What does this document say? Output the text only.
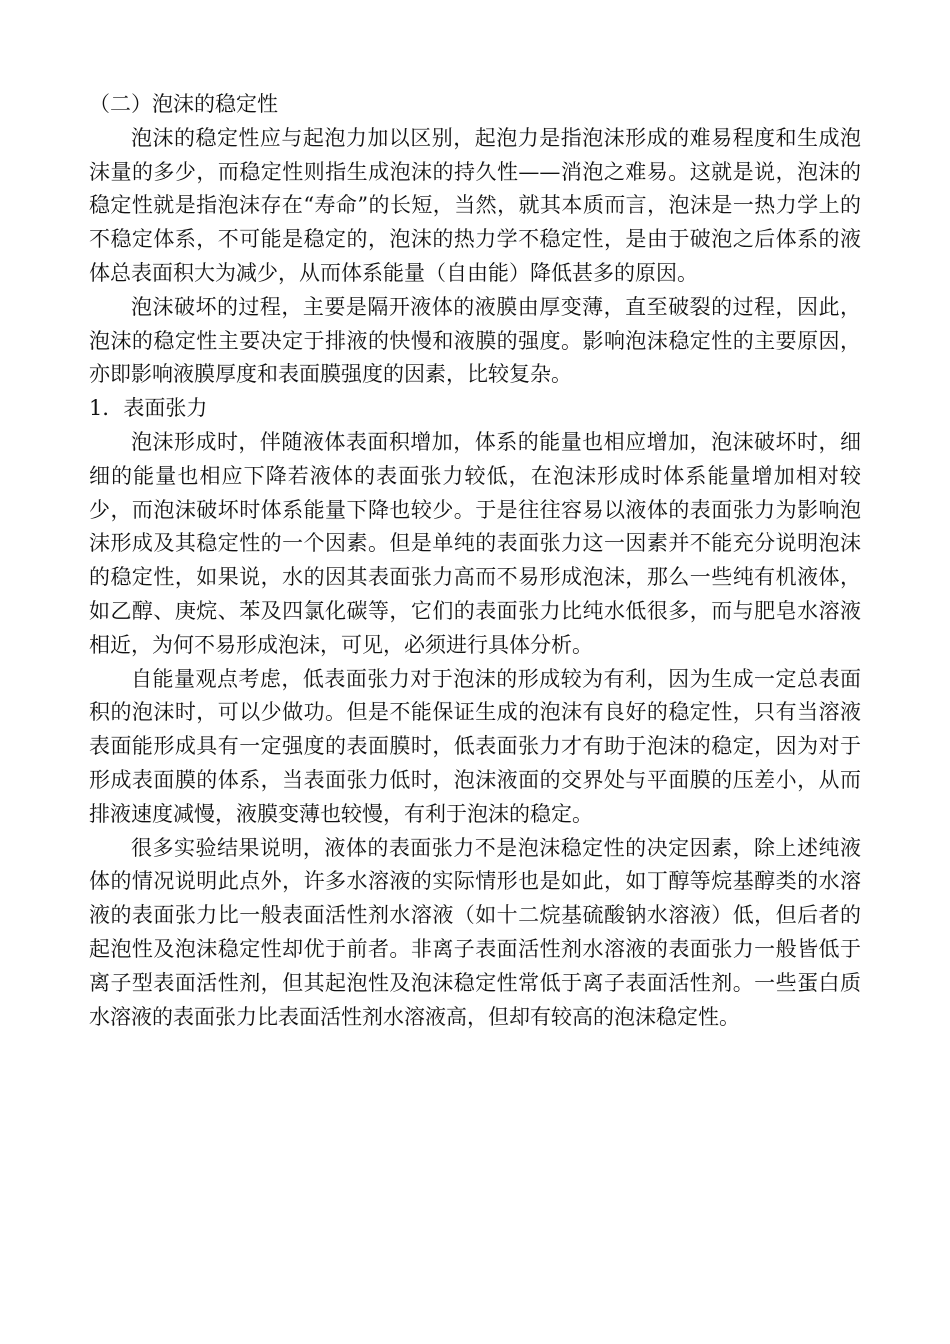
（二）泡沫的稳定性

泡沫的稳定性应与起泡力加以区别，起泡力是指泡沫形成的难易程度和生成泡沫量的多少，而稳定性则指生成泡沫的持久性——消泡之难易。这就是说，泡沫的稳定性就是指泡沫存在“寿命”的长短，当然，就其本质而言，泡沫是一热力学上的不稳定体系，不可能是稳定的，泡沫的热力学不稳定性，是由于破泡之后体系的液体总表面积大为减少，从而体系能量（自由能）降低甚多的原因。

泡沫破坏的过程，主要是隔开液体的液膜由厚变薄，直至破裂的过程，因此，泡沫的稳定性主要决定于排液的快慢和液膜的强度。影响泡沫稳定性的主要原因，亦即影响液膜厚度和表面膜强度的因素，比较复杂。

1．表面张力

泡沫形成时，伴随液体表面积增加，体系的能量也相应增加，泡沫破坏时，细细的能量也相应下降若液体的表面张力较低，在泡沫形成时体系能量增加相对较少，而泡沫破坏时体系能量下降也较少。于是往往容易以液体的表面张力为影响泡沫形成及其稳定性的一个因素。但是单纯的表面张力这一因素并不能充分说明泡沫的稳定性，如果说，水的因其表面张力高而不易形成泡沫，那么一些纯有机液体，如乙醇、庚烷、苯及四氯化碳等，它们的表面张力比纯水低很多，而与肥皂水溶液相近，为何不易形成泡沫，可见，必须进行具体分析。

自能量观点考虑，低表面张力对于泡沫的形成较为有利，因为生成一定总表面积的泡沫时，可以少做功。但是不能保证生成的泡沫有良好的稳定性，只有当溶液表面能形成具有一定强度的表面膜时，低表面张力才有助于泡沫的稳定，因为对于形成表面膜的体系，当表面张力低时，泡沫液面的交界处与平面膜的压差小，从而排液速度减慢，液膜变薄也较慢，有利于泡沫的稳定。

很多实验结果说明，液体的表面张力不是泡沫稳定性的决定因素，除上述纯液体的情况说明此点外，许多水溶液的实际情形也是如此，如丁醇等烷基醇类的水溶液的表面张力比一般表面活性剂水溶液（如十二烷基硫酸钠水溶液）低，但后者的起泡性及泡沫稳定性却优于前者。非离子表面活性剂水溶液的表面张力一般皆低于离子型表面活性剂，但其起泡性及泡沫稳定性常低于离子表面活性剂。一些蛋白质水溶液的表面张力比表面活性剂水溶液高，但却有较高的泡沫稳定性。
